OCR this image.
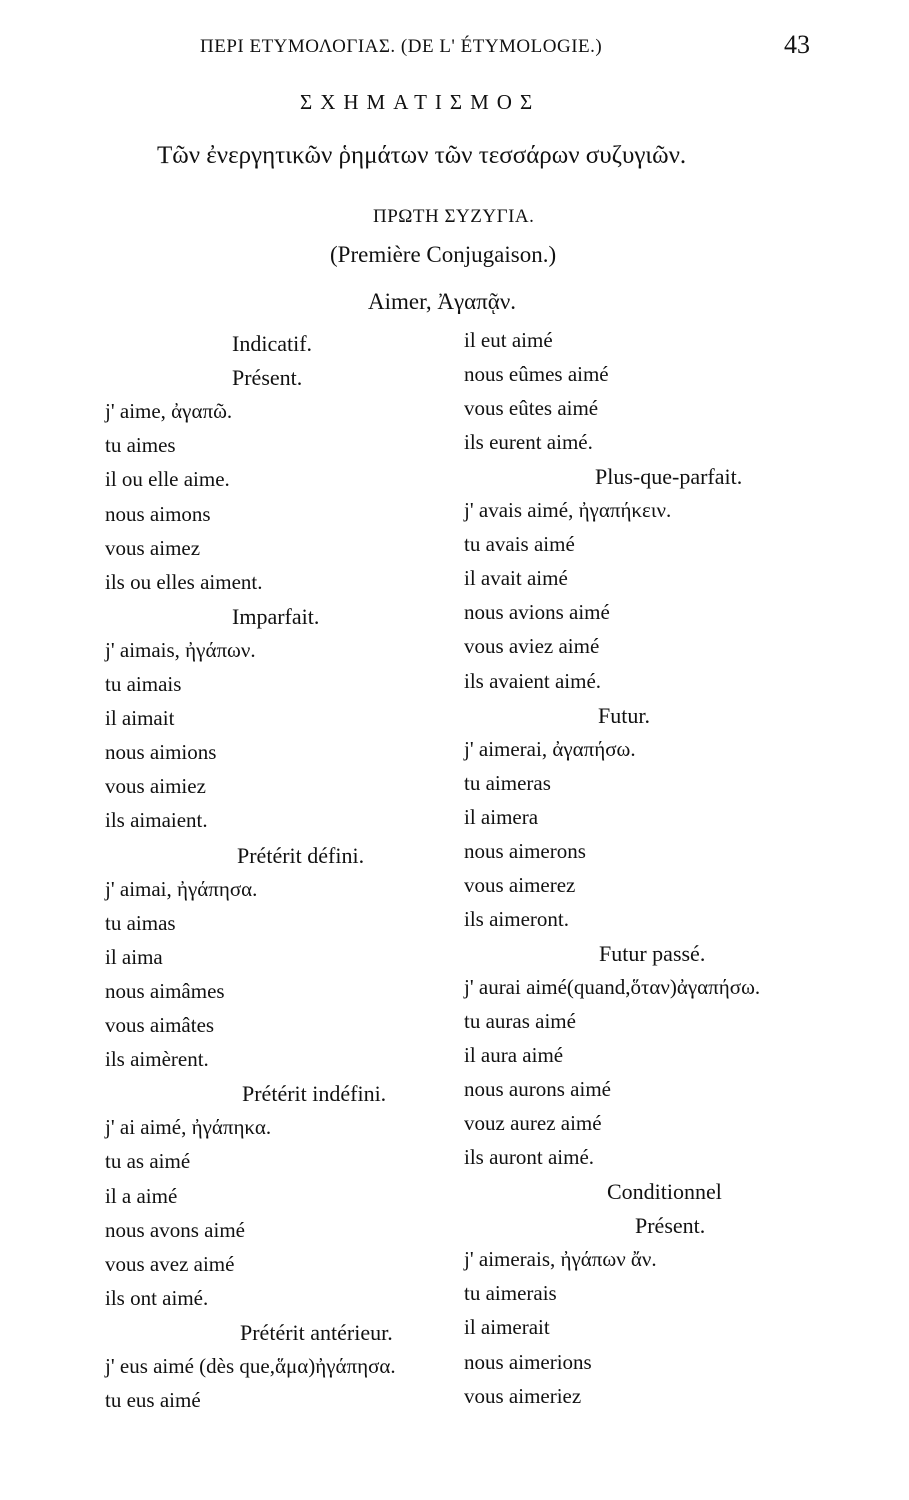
ΠΕΡΙ ΕΤΥΜΟΛΟΓΙΑΣ. (DE L' ÉTYMOLOGIE.)	43
ΣΧΗΜΑΤΙΣΜΟΣ
Τῶν ἐνεργητικῶν ῥημάτων τῶν τεσσάρων συζυγιῶν.
ΠΡΩΤΗ ΣΥΖΥΓΙΑ.
(Première Conjugaison.)
Aimer, Ἀγαπᾷν.
Indicatif.
Présent.
j' aime, ἀγαπῶ.
tu aimes
il ou elle aime.
nous aimons
vous aimez
ils ou elles aiment.
Imparfait.
j' aimais, ἠγάπων.
tu aimais
il aimait
nous aimions
vous aimiez
ils aimaient.
Prétérit défini.
j' aimai, ἠγάπησα.
tu aimas
il aima
nous aimâmes
vous aimâtes
ils aimèrent.
Prétérit indéfini.
j' ai aimé, ἠγάπηκα.
tu as aimé
il a aimé
nous avons aimé
vous avez aimé
ils ont aimé.
Prétérit antérieur.
j' eus aimé (dès que,ἅμα)ἠγάπησα.
tu eus aimé
il eut aimé
nous eûmes aimé
vous eûtes aimé
ils eurent aimé.
Plus-que-parfait.
j' avais aimé, ἠγαπήκειν.
tu avais aimé
il avait aimé
nous avions aimé
vous aviez aimé
ils avaient aimé.
Futur.
j' aimerai, ἀγαπήσω.
tu aimeras
il aimera
nous aimerons
vous aimerez
ils aimeront.
Futur passé.
j' aurai aimé(quand,ὅταν)ἀγαπήσω.
tu auras aimé
il aura aimé
nous aurons aimé
vouz aurez aimé
ils auront aimé.
Conditionnel
Présent.
j' aimerais, ἠγάπων ἄν.
tu aimerais
il aimerait
nous aimerions
vous aimeriez
